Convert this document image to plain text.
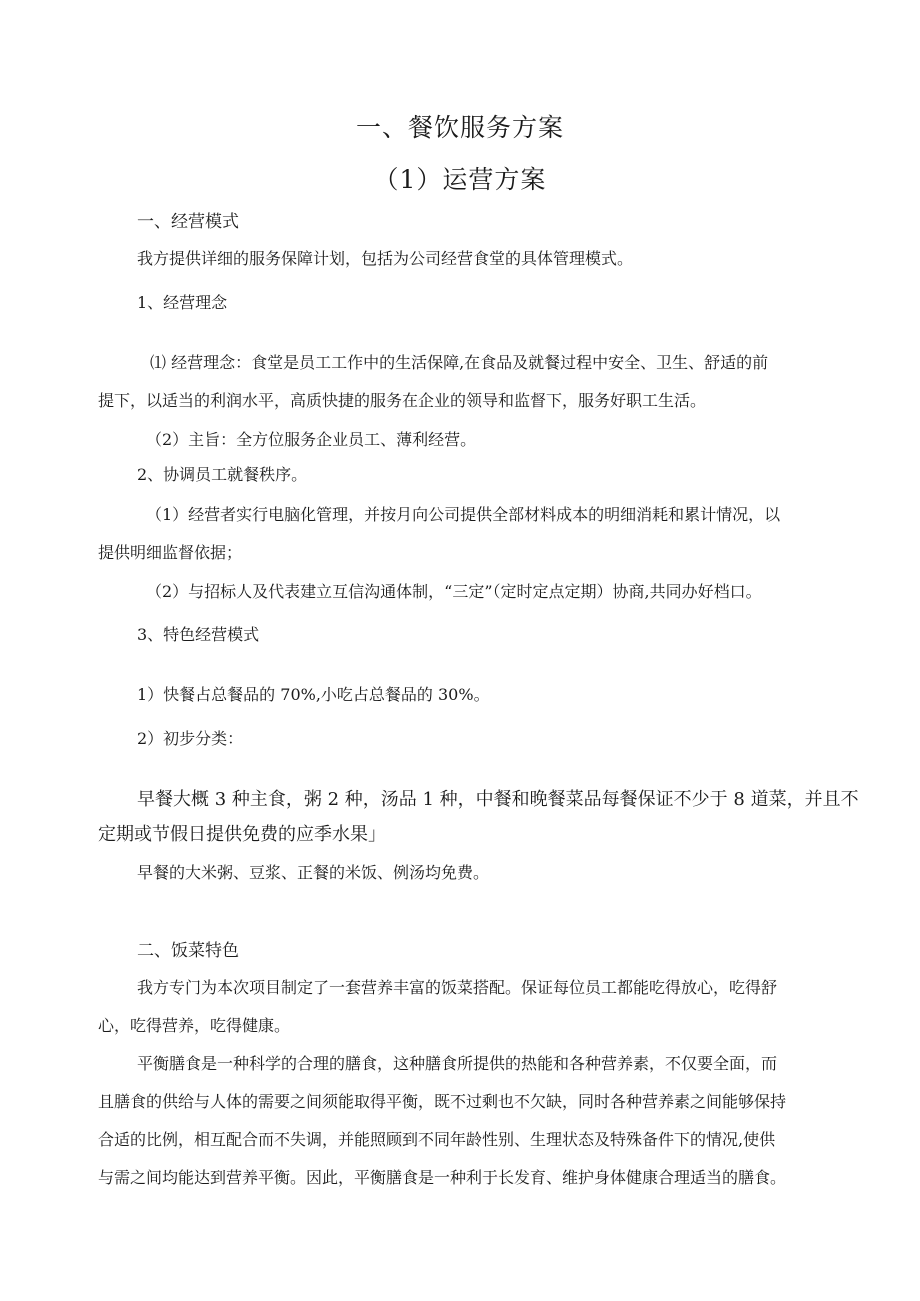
一、餐饮服务方案

（1）运营方案

一、经营模式

我方提供详细的服务保障计划，包括为公司经营食堂的具体管理模式。

1、经营理念

⑴ 经营理念：食堂是员工工作中的生活保障,在食品及就餐过程中安全、卫生、舒适的前

提下，以适当的利润水平，高质快捷的服务在企业的领导和监督下，服务好职工生活。

（2）主旨：全方位服务企业员工、薄利经营。

2、协调员工就餐秩序。

（1）经营者实行电脑化管理，并按月向公司提供全部材料成本的明细消耗和累计情况，以

提供明细监督依据；

（2）与招标人及代表建立互信沟通体制，“三定”（定时定点定期）协商,共同办好档口。

3、特色经营模式

1）快餐占总餐品的 70%,小吃占总餐品的 30%。

2）初步分类：

早餐大概 3 种主食，粥 2 种，汤品 1 种，中餐和晚餐菜品每餐保证不少于 8 道菜，并且不

定期或节假日提供免费的应季水果」

早餐的大米粥、豆浆、正餐的米饭、例汤均免费。

二、饭菜特色

我方专门为本次项目制定了一套营养丰富的饭菜搭配。保证每位员工都能吃得放心，吃得舒

心，吃得营养，吃得健康。

平衡膳食是一种科学的合理的膳食，这种膳食所提供的热能和各种营养素，不仅要全面，而

且膳食的供给与人体的需要之间须能取得平衡，既不过剩也不欠缺，同时各种营养素之间能够保持

合适的比例，相互配合而不失调，并能照顾到不同年龄性别、生理状态及特殊备件下的情况,使供

与需之间均能达到营养平衡。因此，平衡膳食是一种利于长发育、维护身体健康合理适当的膳食。
